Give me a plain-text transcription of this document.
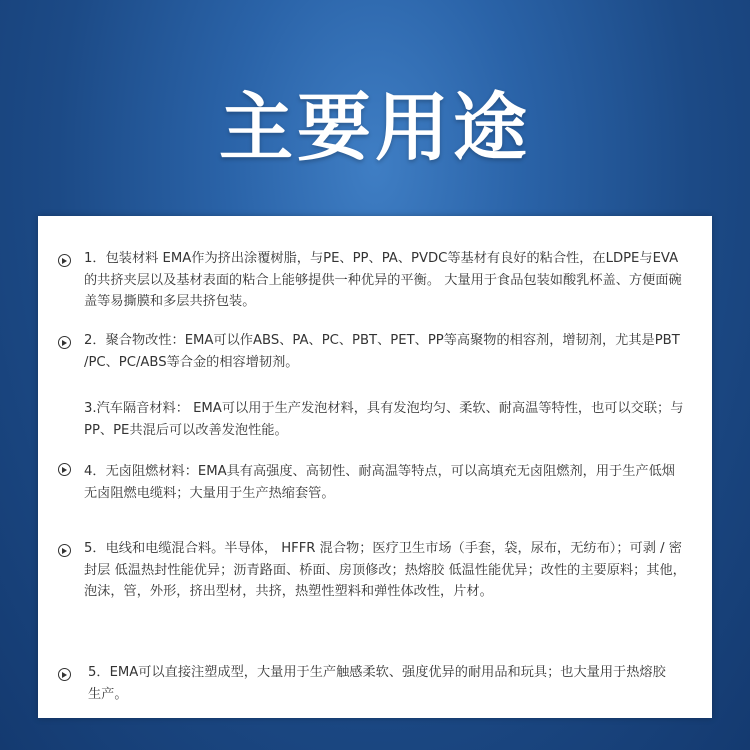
主要用途
1．包装材料 EMA作为挤出涂覆树脂，与PE、PP、PA、PVDC等基材有良好的粘合性，在LDPE与EVA
的共挤夹层以及基材表面的粘合上能够提供一种优异的平衡。 大量用于食品包装如酸乳杯盖、方便面碗
盖等易撕膜和多层共挤包装。
2．聚合物改性：EMA可以作ABS、PA、PC、PBT、PET、PP等高聚物的相容剂，增韧剂，尤其是PBT
/PC、PC/ABS等合金的相容增韧剂。
3.汽车隔音材料： EMA可以用于生产发泡材料，具有发泡均匀、柔软、耐高温等特性，也可以交联；与
PP、PE共混后可以改善发泡性能。
4．无卤阻燃材料：EMA具有高强度、高韧性、耐高温等特点，可以高填充无卤阻燃剂，用于生产低烟
无卤阻燃电缆料；大量用于生产热缩套管。
5．电线和电缆混合料。半导体， HFFR 混合物；医疗卫生市场（手套，袋，尿布，无纺布）；可剥 / 密
封层 低温热封性能优异；沥青路面、桥面、房顶修改；热熔胶 低温性能优异；改性的主要原料；其他，
泡沫，管，外形，挤出型材，共挤，热塑性塑料和弹性体改性，片材。
5．EMA可以直接注塑成型，大量用于生产触感柔软、强度优异的耐用品和玩具；也大量用于热熔胶
生产。
